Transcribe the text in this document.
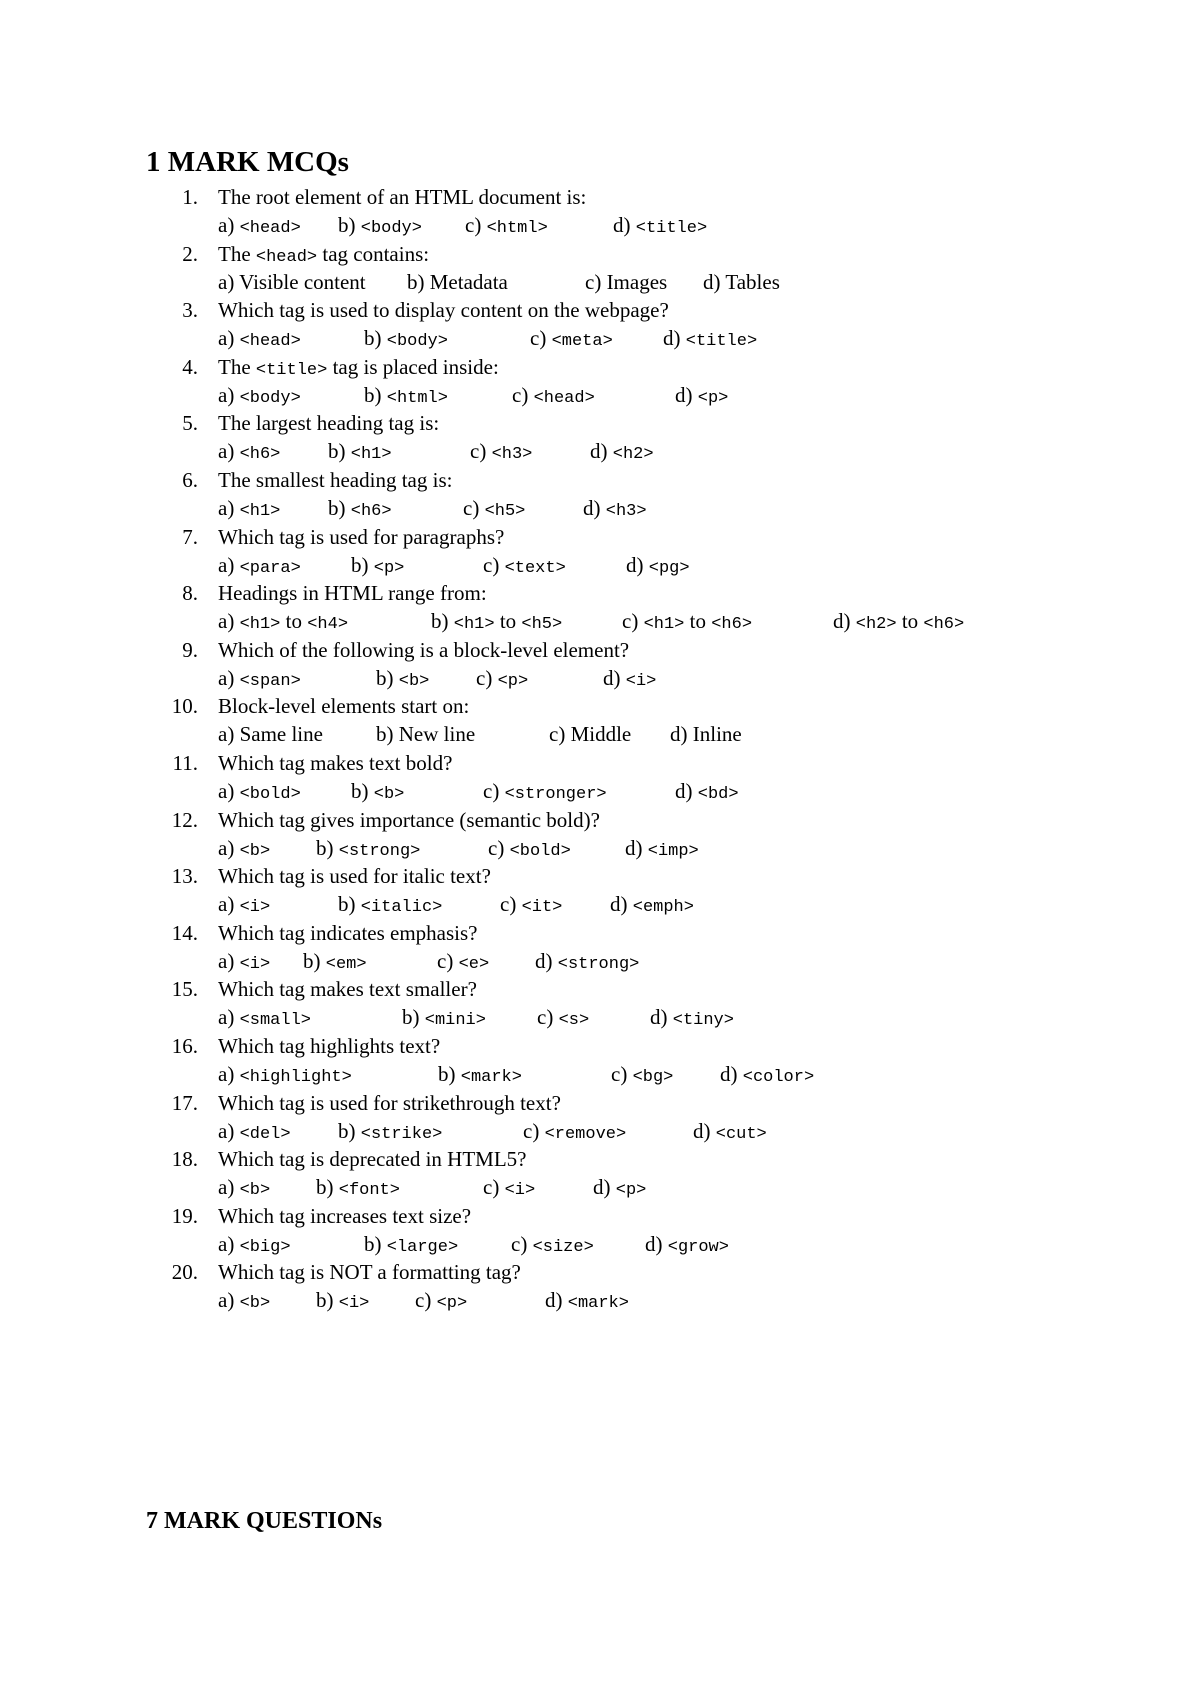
1 MARK MCQs
1. The root element of an HTML document is:
a) <head> b) <body> c) <html>	d) <title>
2. The <head> tag contains:
a) Visible content b) Metadata	c) Images d) Tables
3. Which tag is used to display content on the webpage?
a) <head>	b) <body>	c) <meta> d) <title>
4. The <title> tag is placed inside:
a) <body>	b) <html>	c) <head>	d) <p>
5. The largest heading tag is:
a) <h6> b) <h1>	c) <h3>	d) <h2>
6. The smallest heading tag is:
a) <h1> b) <h6>	c) <h5>	d) <h3>
7. Which tag is used for paragraphs?
a) <para> b) <p>	c) <text>	d) <pg>
8. Headings in HTML range from:
a) <h1> to <h4>	b) <h1> to <h5>	c) <h1> to <h6>	d) <h2> to <h6>
9. Which of the following is a block-level element?
a) <span>	b) <b> c) <p>	d) <i>
10. Block-level elements start on:
a) Same line	b) New line	c) Middle d) Inline
11. Which tag makes text bold?
a) <bold> b) <b>	c) <stronger>	d) <bd>
12. Which tag gives importance (semantic bold)?
a) <b> b) <strong>	c) <bold>	d) <imp>
13. Which tag is used for italic text?
a) <i>	b) <italic>	c) <it> d) <emph>
14. Which tag indicates emphasis?
a) <i> b) <em>	c) <e> d) <strong>
15. Which tag makes text smaller?
a) <small>	b) <mini> c) <s>	d) <tiny>
16. Which tag highlights text?
a) <highlight>	b) <mark>	c) <bg> d) <color>
17. Which tag is used for strikethrough text?
a) <del> b) <strike>	c) <remove>	d) <cut>
18. Which tag is deprecated in HTML5?
a) <b> b) <font>	c) <i>	d) <p>
19. Which tag increases text size?
a) <big>	b) <large>	c) <size> d) <grow>
20. Which tag is NOT a formatting tag?
a) <b> b) <i> c) <p>	d) <mark>
7 MARK QUESTIONs
